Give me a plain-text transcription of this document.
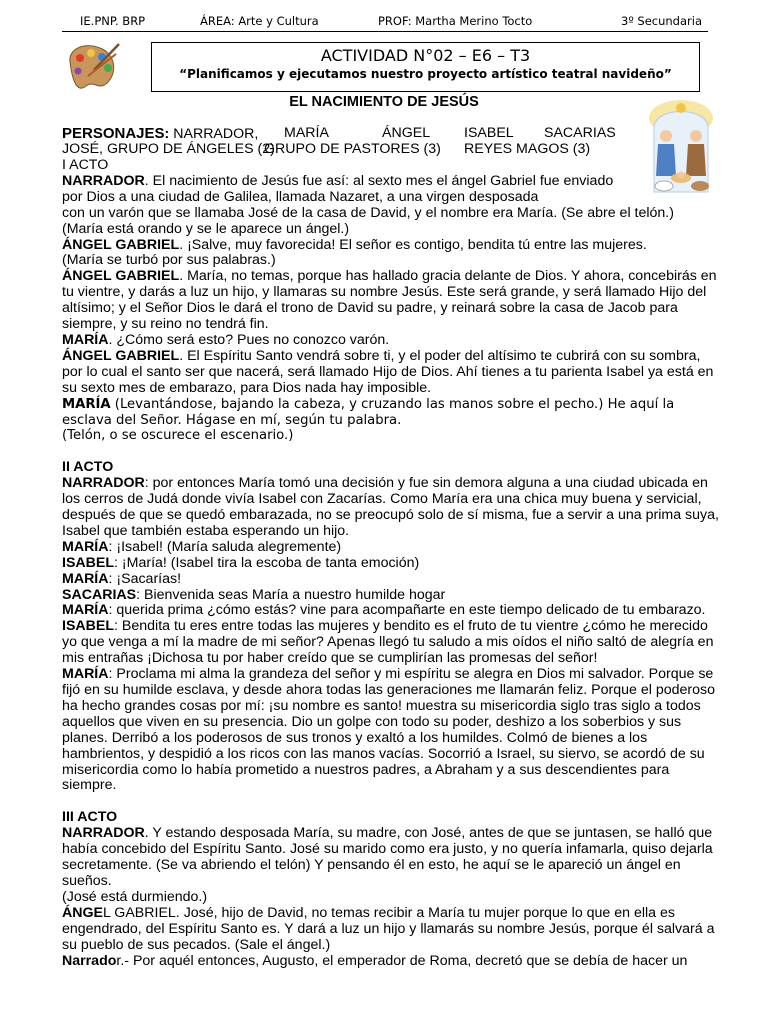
IE.PNP. BRP	ÁREA: Arte y Cultura	PROF: Martha Merino Tocto	3º Secundaria
ACTIVIDAD N°02 – E6 – T3
“Planificamos y ejecutamos nuestro proyecto artístico teatral navideño”
EL NACIMIENTO DE JESÚS
PERSONAJES: NARRADOR, MARÍA	ÁNGEL ISABEL SACARIAS
JOSÉ, GRUPO DE ÁNGELES (2)
GRUPO DE PASTORES (3) REYES MAGOS (3)

I ACTO

NARRADOR. El nacimiento de Jesús fue así: al sexto mes el ángel Gabriel fue enviado por Dios a una ciudad de Galilea, llamada Nazaret, a una virgen desposada

con un varón que se llamaba José de la casa de David, y el nombre era María. (Se abre el telón.)

(María está orando y se le aparece un ángel.)

ÁNGEL GABRIEL. ¡Salve, muy favorecida! El señor es contigo, bendita tú entre las mujeres.

(María se turbó por sus palabras.)

ÁNGEL GABRIEL. María, no temas, porque has hallado gracia delante de Dios. Y ahora, concebirás en tu vientre, y darás a luz un hijo, y llamaras su nombre Jesús. Este será grande, y será llamado Hijo del altísimo; y el Señor Dios le dará el trono de David su padre, y reinará sobre la casa de Jacob para siempre, y su reino no tendrá fin.

MARÍA. ¿Cómo será esto? Pues no conozco varón.

ÁNGEL GABRIEL. El Espíritu Santo vendrá sobre ti, y el poder del altísimo te cubrirá con su sombra, por lo cual el santo ser que nacerá, será llamado Hijo de Dios. Ahí tienes a tu parienta Isabel ya está en su sexto mes de embarazo, para Dios nada hay imposible.

MARÍA (Levantándose, bajando la cabeza, y cruzando las manos sobre el pecho.) He aquí la esclava del Señor. Hágase en mí, según tu palabra.

(Telón, o se oscurece el escenario.)

II ACTO

NARRADOR: por entonces María tomó una decisión y fue sin demora alguna a una ciudad ubicada en los cerros de Judá donde vivía Isabel con Zacarías. Como María era una chica muy buena y servicial, después de que se quedó embarazada, no se preocupó solo de sí misma, fue a servir a una prima suya, Isabel que también estaba esperando un hijo.

MARÍA: ¡Isabel! (María saluda alegremente)

ISABEL: ¡María! (Isabel tira la escoba de tanta emoción)

MARÍA: ¡Sacarías!

SACARIAS: Bienvenida seas María a nuestro humilde hogar

MARÍA: querida prima ¿cómo estás? vine para acompañarte en este tiempo delicado de tu embarazo.

ISABEL: Bendita tu eres entre todas las mujeres y bendito es el fruto de tu vientre ¿cómo he merecido yo que venga a mí la madre de mi señor? Apenas llegó tu saludo a mis oídos el niño saltó de alegría en mis entrañas ¡Dichosa tu por haber creído que se cumplirían las promesas del señor!

MARÍA: Proclama mi alma la grandeza del señor y mi espíritu se alegra en Dios mi salvador. Porque se fijó en su humilde esclava, y desde ahora todas las generaciones me llamarán feliz. Porque el poderoso ha hecho grandes cosas por mí: ¡su nombre es santo! muestra su misericordia siglo tras siglo a todos aquellos que viven en su presencia. Dio un golpe con todo su poder, deshizo a los soberbios y sus planes. Derribó a los poderosos de sus tronos y exaltó a los humildes. Colmó de bienes a los hambrientos, y despidió a los ricos con las manos vacías. Socorrió a Israel, su siervo, se acordó de su misericordia como lo había prometido a nuestros padres, a Abraham y a sus descendientes para siempre.

III ACTO

NARRADOR. Y estando desposada María, su madre, con José, antes de que se juntasen, se halló que había concebido del Espíritu Santo. José su marido como era justo, y no quería infamarla, quiso dejarla secretamente. (Se va abriendo el telón) Y pensando él en esto, he aquí se le apareció un ángel en sueños.

(José está durmiendo.)

ÁNGEL GABRIEL. José, hijo de David, no temas recibir a María tu mujer porque lo que en ella es engendrado, del Espíritu Santo es. Y dará a luz un hijo y llamarás su nombre Jesús, porque él salvará a su pueblo de sus pecados. (Sale el ángel.)

Narrador.- Por aquél entonces, Augusto, el emperador de Roma, decretó que se debía de hacer un
